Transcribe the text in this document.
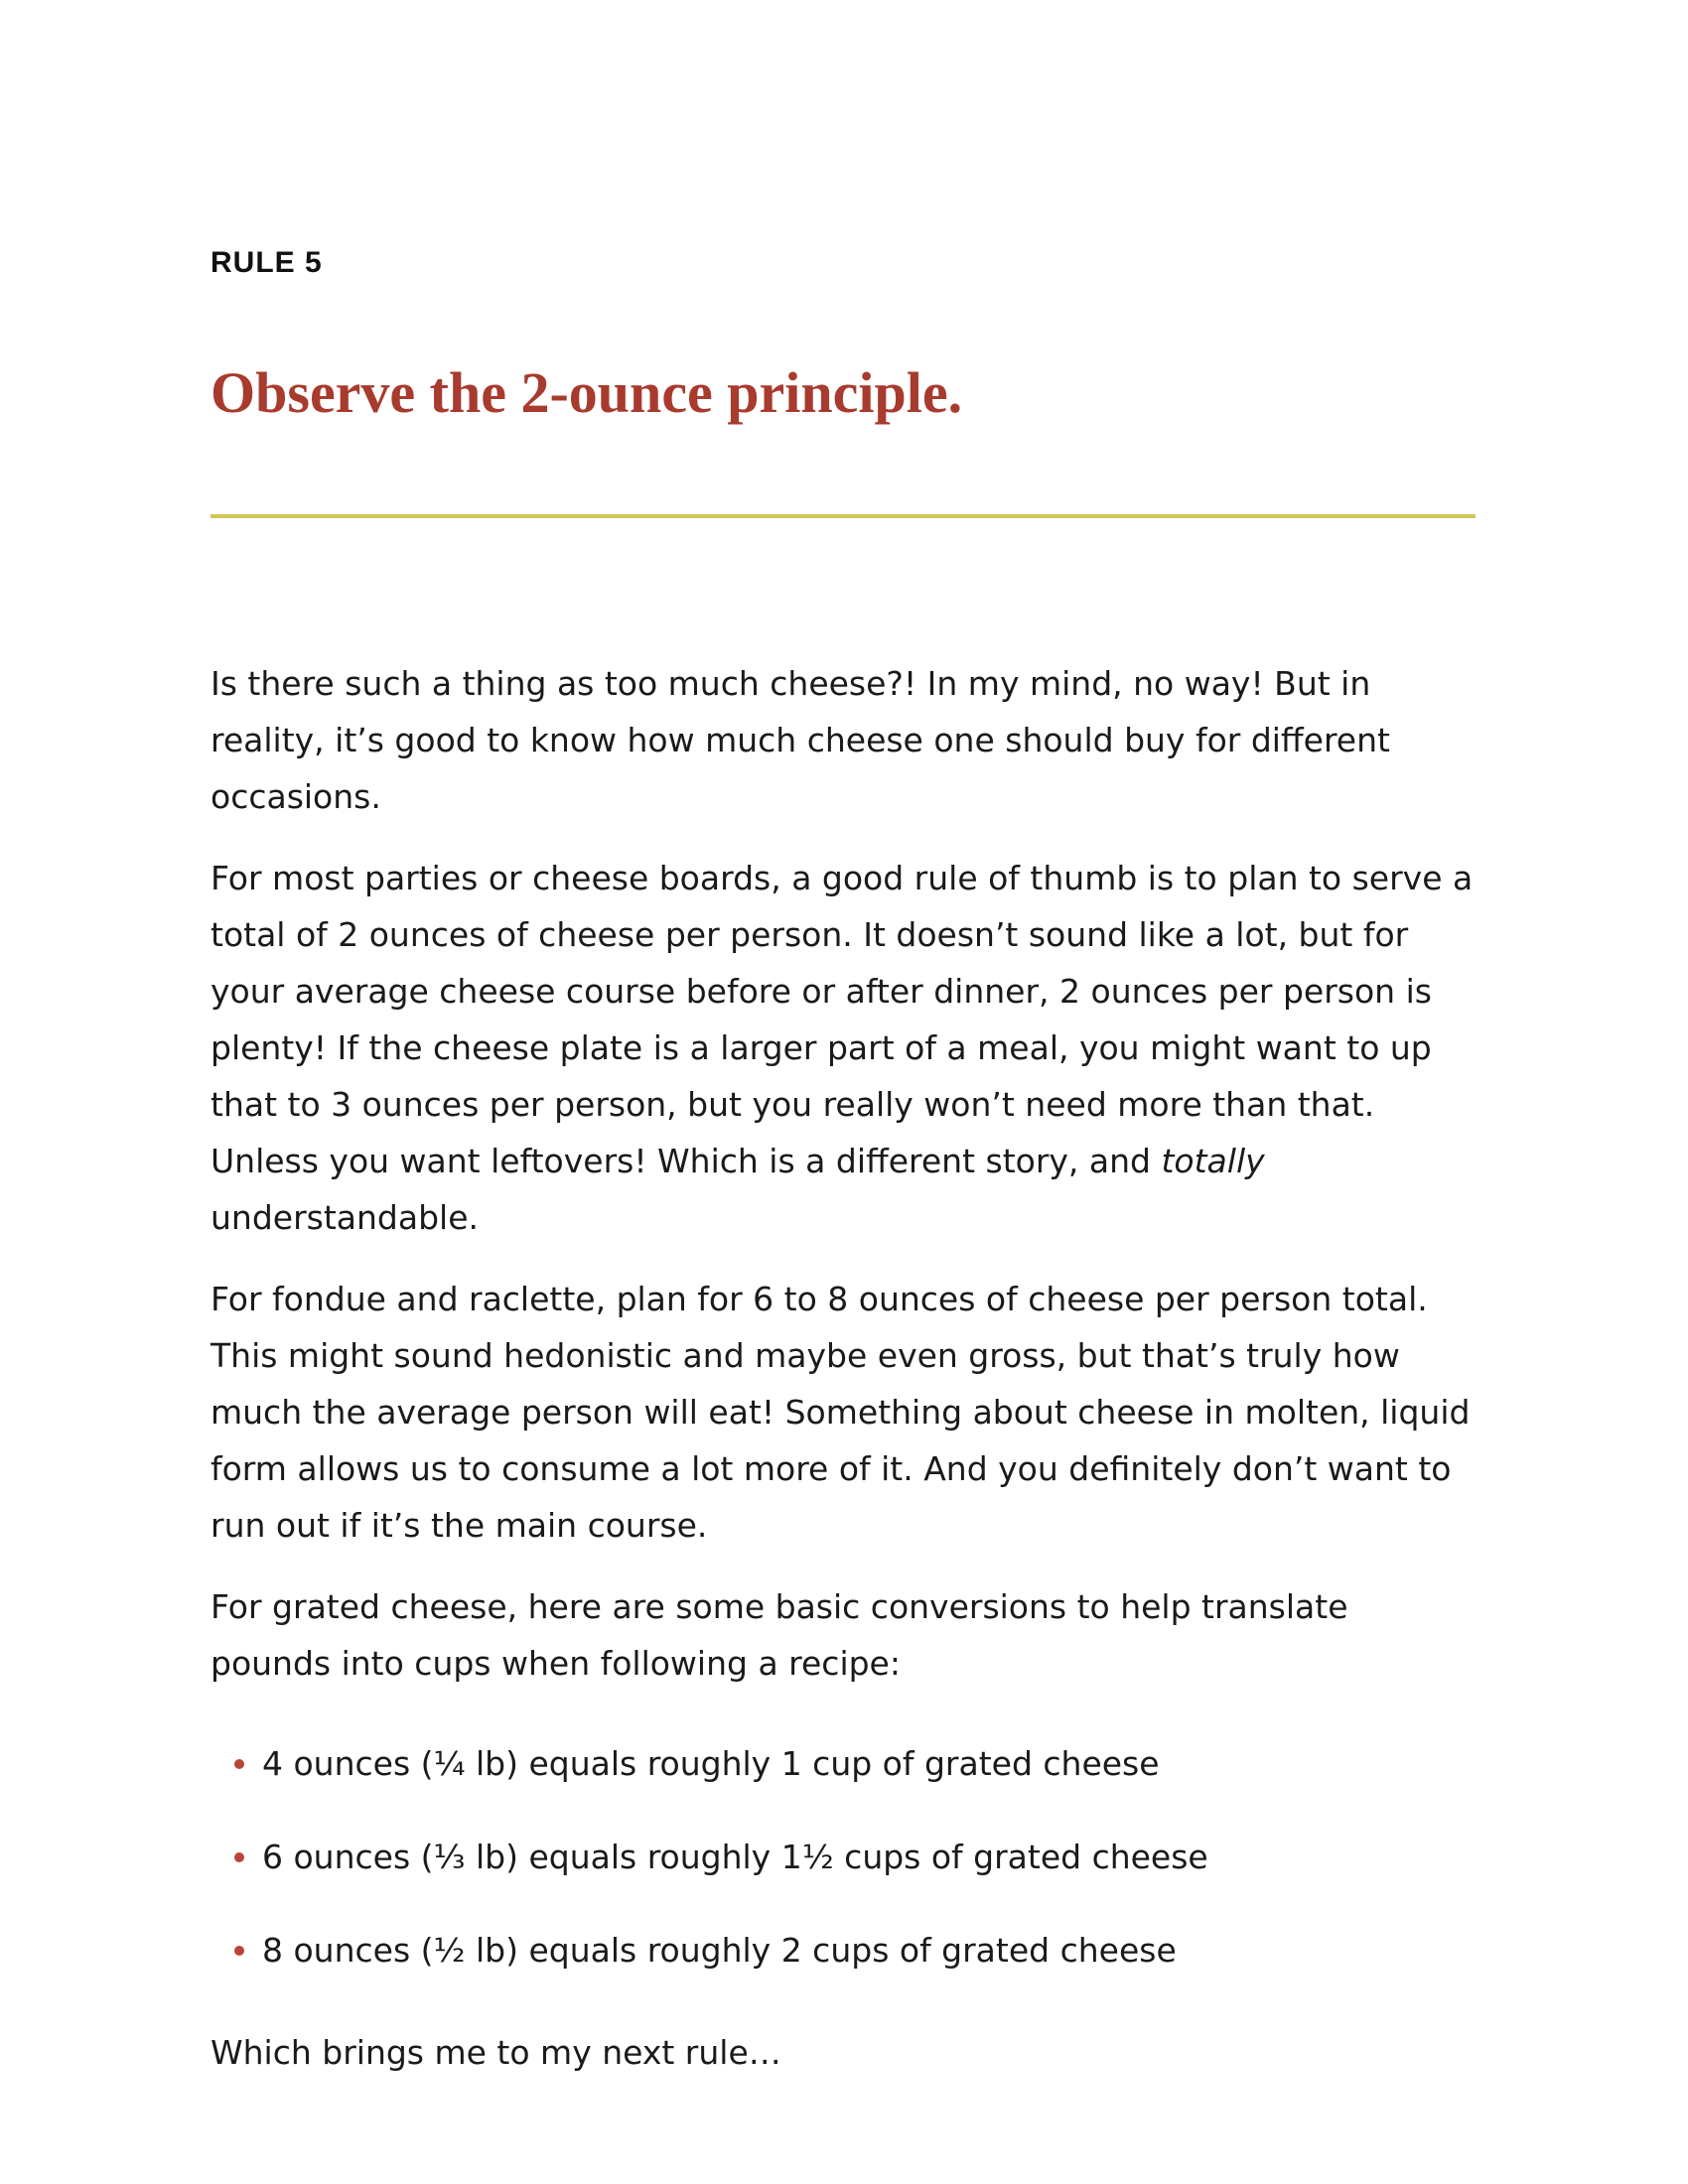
RULE 5
Observe the 2-ounce principle.

Is there such a thing as too much cheese?! In my mind, no way! But in reality, it’s good to know how much cheese one should buy for different occasions.

For most parties or cheese boards, a good rule of thumb is to plan to serve a total of 2 ounces of cheese per person. It doesn’t sound like a lot, but for your average cheese course before or after dinner, 2 ounces per person is plenty! If the cheese plate is a larger part of a meal, you might want to up that to 3 ounces per person, but you really won’t need more than that. Unless you want leftovers! Which is a different story, and totally understandable.

For fondue and raclette, plan for 6 to 8 ounces of cheese per person total. This might sound hedonistic and maybe even gross, but that’s truly how much the average person will eat! Something about cheese in molten, liquid form allows us to consume a lot more of it. And you definitely don’t want to run out if it’s the main course.

For grated cheese, here are some basic conversions to help translate pounds into cups when following a recipe:

4 ounces (¼ lb) equals roughly 1 cup of grated cheese
6 ounces (⅓ lb) equals roughly 1½ cups of grated cheese
8 ounces (½ lb) equals roughly 2 cups of grated cheese

Which brings me to my next rule…
